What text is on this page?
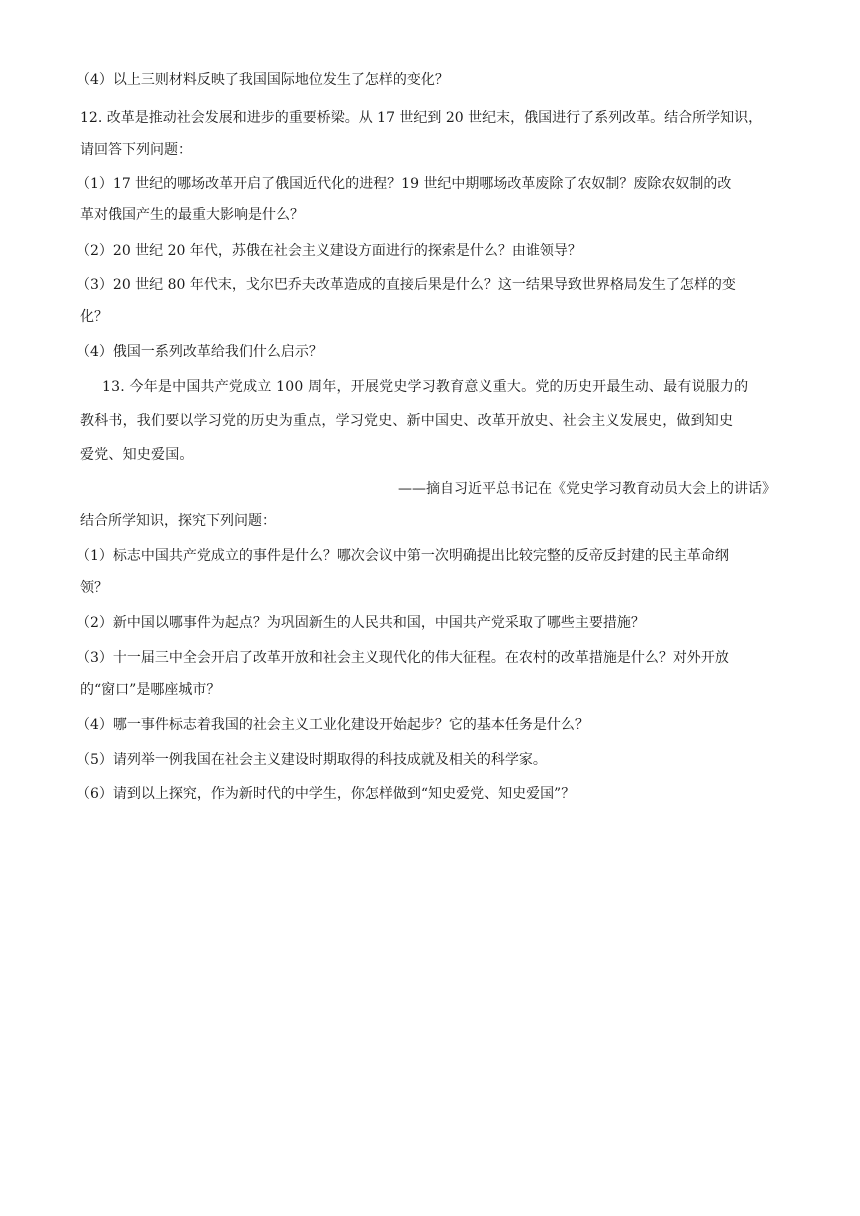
（4）以上三则材料反映了我国国际地位发生了怎样的变化？
12. 改革是推动社会发展和进步的重要桥梁。从 17 世纪到 20 世纪末，俄国进行了系列改革。结合所学知识，
请回答下列问题：
（1）17 世纪的哪场改革开启了俄国近代化的进程？19 世纪中期哪场改革废除了农奴制？废除农奴制的改
革对俄国产生的最重大影响是什么？
（2）20 世纪 20 年代，苏俄在社会主义建设方面进行的探索是什么？由谁领导？
（3）20 世纪 80 年代末，戈尔巴乔夫改革造成的直接后果是什么？这一结果导致世界格局发生了怎样的变
化？
（4）俄国一系列改革给我们什么启示？
13. 今年是中国共产党成立 100 周年，开展党史学习教育意义重大。党的历史开最生动、最有说服力的
教科书，我们要以学习党的历史为重点，学习党史、新中国史、改革开放史、社会主义发展史，做到知史
爱党、知史爱国。
——摘自习近平总书记在《党史学习教育动员大会上的讲话》
结合所学知识，探究下列问题：
（1）标志中国共产党成立的事件是什么？哪次会议中第一次明确提出比较完整的反帝反封建的民主革命纲
领？
（2）新中国以哪事件为起点？为巩固新生的人民共和国，中国共产党采取了哪些主要措施？
（3）十一届三中全会开启了改革开放和社会主义现代化的伟大征程。在农村的改革措施是什么？对外开放
的“窗口”是哪座城市？
（4）哪一事件标志着我国的社会主义工业化建设开始起步？它的基本任务是什么？
（5）请列举一例我国在社会主义建设时期取得的科技成就及相关的科学家。
（6）请到以上探究，作为新时代的中学生，你怎样做到“知史爱党、知史爱国”？
